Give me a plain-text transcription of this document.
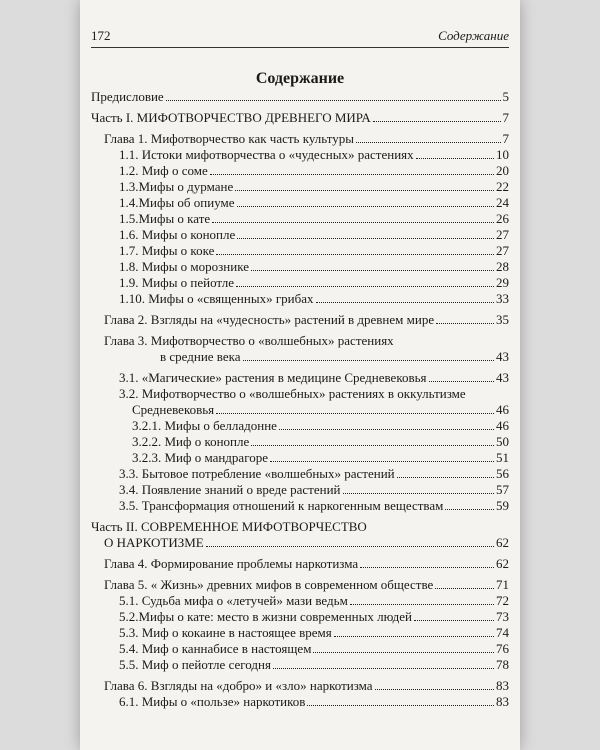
172	Содержание
Содержание
Предисловие	5
Часть I. МИФОТВОРЧЕСТВО ДРЕВНЕГО МИРА	7
Глава 1. Мифотворчество как часть культуры	7
1.1. Истоки мифотворчества о «чудесных» растениях	10
1.2. Миф о соме	20
1.3.Мифы о дурмане	22
1.4.Мифы об опиуме	24
1.5.Мифы о кате	26
1.6. Мифы о конопле	27
1.7. Мифы о коке	27
1.8. Мифы о морознике	28
1.9. Мифы о пейотле	29
1.10. Мифы о «священных» грибах	33
Глава 2. Взгляды на «чудесность» растений в древнем мире	35
Глава 3. Мифотворчество о «волшебных» растениях
в средние века	43
3.1. «Магические» растения в медицине Средневековья	43
3.2. Мифотворчество о «волшебных» растениях в оккультизме
Средневековья	46
3.2.1. Мифы о белладонне	46
3.2.2. Миф о конопле	50
3.2.3. Миф о мандрагоре	51
3.3. Бытовое потребление «волшебных» растений	56
3.4. Появление знаний о вреде растений	57
3.5. Трансформация отношений к наркогенным веществам	59
Часть II. СОВРЕМЕННОЕ МИФОТВОРЧЕСТВО
О НАРКОТИЗМЕ	62
Глава 4. Формирование проблемы наркотизма	62
Глава 5. « Жизнь» древних мифов в современном обществе	71
5.1. Судьба мифа о «летучей» мази ведьм	72
5.2.Мифы о кате: место в жизни современных людей	73
5.3. Миф о кокаине в настоящее время	74
5.4. Миф о каннабисе в настоящем	76
5.5. Миф о пейотле сегодня	78
Глава 6. Взгляды на «добро» и «зло» наркотизма	83
6.1. Мифы о «пользе» наркотиков	83
